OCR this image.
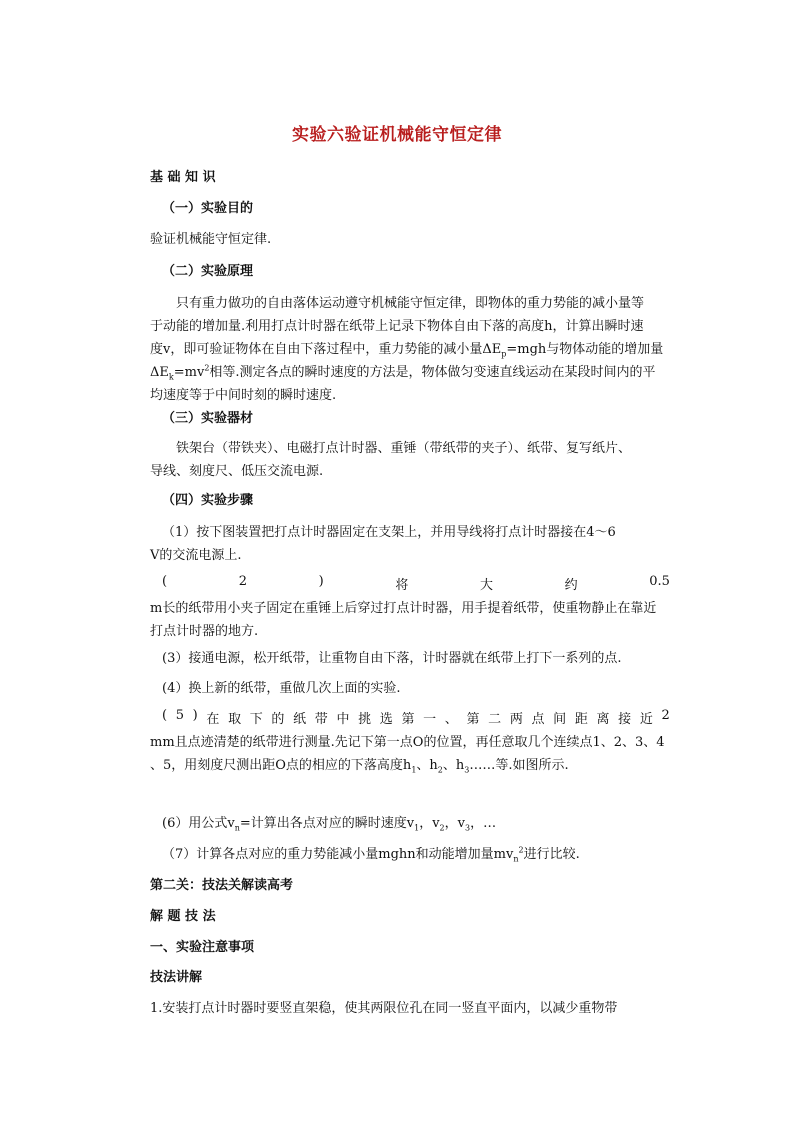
实验六验证机械能守恒定律
基 础 知 识
（一）实验目的
验证机械能守恒定律.
（二）实验原理
只有重力做功的自由落体运动遵守机械能守恒定律，即物体的重力势能的减小量等
于动能的增加量.利用打点计时器在纸带上记录下物体自由下落的高度h，计算出瞬时速
度v，即可验证物体在自由下落过程中，重力势能的减小量$\Delta E_p=mgh$与物体动能的增加量
$\Delta E_k=mv^2$相等.测定各点的瞬时速度的方法是，物体做匀变速直线运动在某段时间内的平
均速度等于中间时刻的瞬时速度.
（三）实验器材
铁架台（带铁夹）、电磁打点计时器、重锤（带纸带的夹子）、纸带、复写纸片、
导线、刻度尺、低压交流电源.
（四）实验步骤
（1）按下图装置把打点计时器固定在支架上，并用导线将打点计时器接在4～6
V的交流电源上.
(	2	)	将	大	约	0.5
m长的纸带用小夹子固定在重锤上后穿过打点计时器，用手提着纸带，使重物静止在靠近
打点计时器的地方.
(3）接通电源，松开纸带，让重物自由下落，计时器就在纸带上打下一系列的点.
(4）换上新的纸带，重做几次上面的实验.
( 5 ) 在 取 下 的 纸 带 中 挑 选 第 一 、 第 二 两 点 间 距 离 接 近 2
mm且点迹清楚的纸带进行测量.先记下第一点O的位置，再任意取几个连续点1、2、3、4
、5，用刻度尺测出距O点的相应的下落高度$h_1$、$h_2$、$h_3\dots\dots$等.如图所示.
(6）用公式$v_n=$计算出各点对应的瞬时速度$v_1$，$v_2$，$v_3$，…
（7）计算各点对应的重力势能减小量mghn和动能增加量$mv_n^2$进行比较.
第二关：技法关解读高考
解 题 技 法
一、实验注意事项
技法讲解
1.安装打点计时器时要竖直架稳，使其两限位孔在同一竖直平面内，以减少重物带
